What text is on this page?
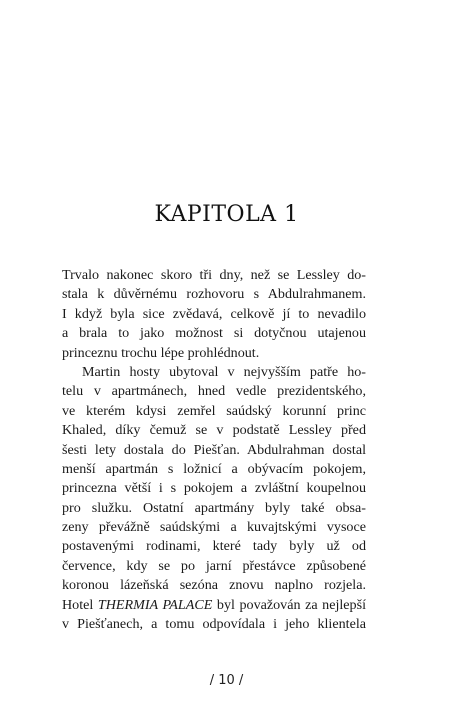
KAPITOLA 1
Trvalo nakonec skoro tři dny, než se Lessley do-
stala k důvěrnému rozhovoru s Abdulrahmanem.
I když byla sice zvědavá, celkově jí to nevadilo
a brala to jako možnost si dotyčnou utajenou
princeznu trochu lépe prohlédnout.
Martin hosty ubytoval v nejvyšším patře ho-
telu v apartmánech, hned vedle prezidentského,
ve kterém kdysi zemřel saúdský korunní princ
Khaled, díky čemuž se v podstatě Lessley před
šesti lety dostala do Piešťan. Abdulrahman dostal
menší apartmán s ložnicí a obývacím pokojem,
princezna větší i s pokojem a zvláštní koupelnou
pro služku. Ostatní apartmány byly také obsa-
zeny převážně saúdskými a kuvajtskými vysoce
postavenými rodinami, které tady byly už od
července, kdy se po jarní přestávce způsobené
koronou lázeňská sezóna znovu naplno rozjela.
Hotel THERMIA PALACE byl považován za nejlepší
v Piešťanech, a tomu odpovídala i jeho klientela
/ 10 /
